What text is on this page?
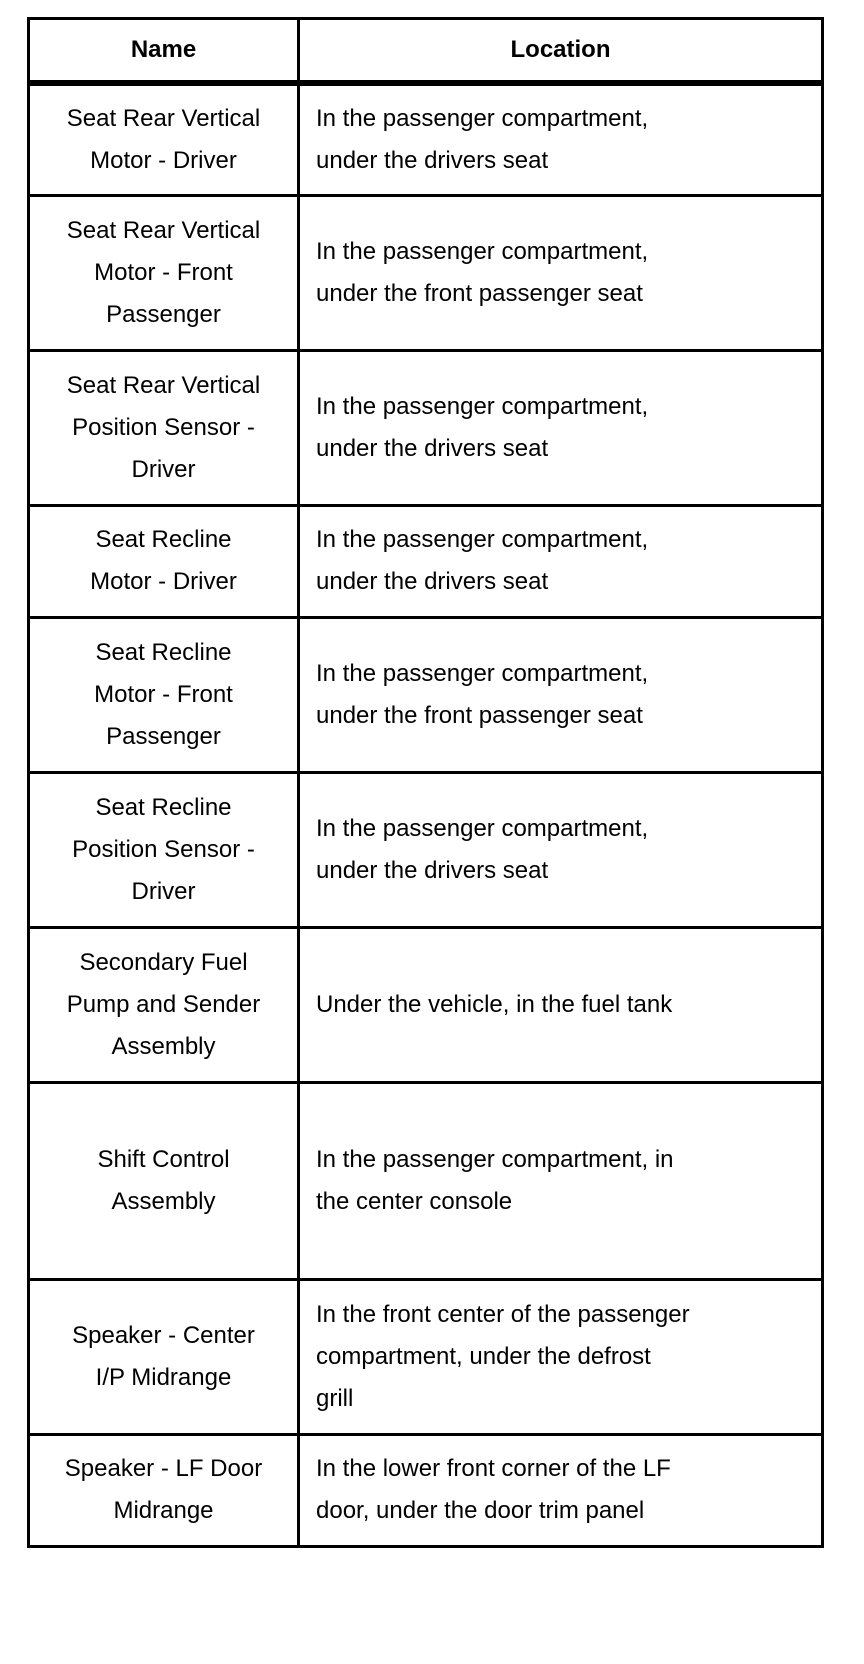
Name	Location

Seat Rear Vertical
Motor - Driver	In the passenger compartment,
under the drivers seat

Seat Rear Vertical
Motor - Front
Passenger	In the passenger compartment,
under the front passenger seat

Seat Rear Vertical
Position Sensor -
Driver	In the passenger compartment,
under the drivers seat

Seat Recline
Motor - Driver	In the passenger compartment,
under the drivers seat

Seat Recline
Motor - Front
Passenger	In the passenger compartment,
under the front passenger seat

Seat Recline
Position Sensor -
Driver	In the passenger compartment,
under the drivers seat

Secondary Fuel
Pump and Sender
Assembly	Under the vehicle, in the fuel tank

Shift Control
Assembly	In the passenger compartment, in
the center console

Speaker - Center
I/P Midrange	In the front center of the passenger
compartment, under the defrost
grill

Speaker - LF Door
Midrange	In the lower front corner of the LF
door, under the door trim panel
